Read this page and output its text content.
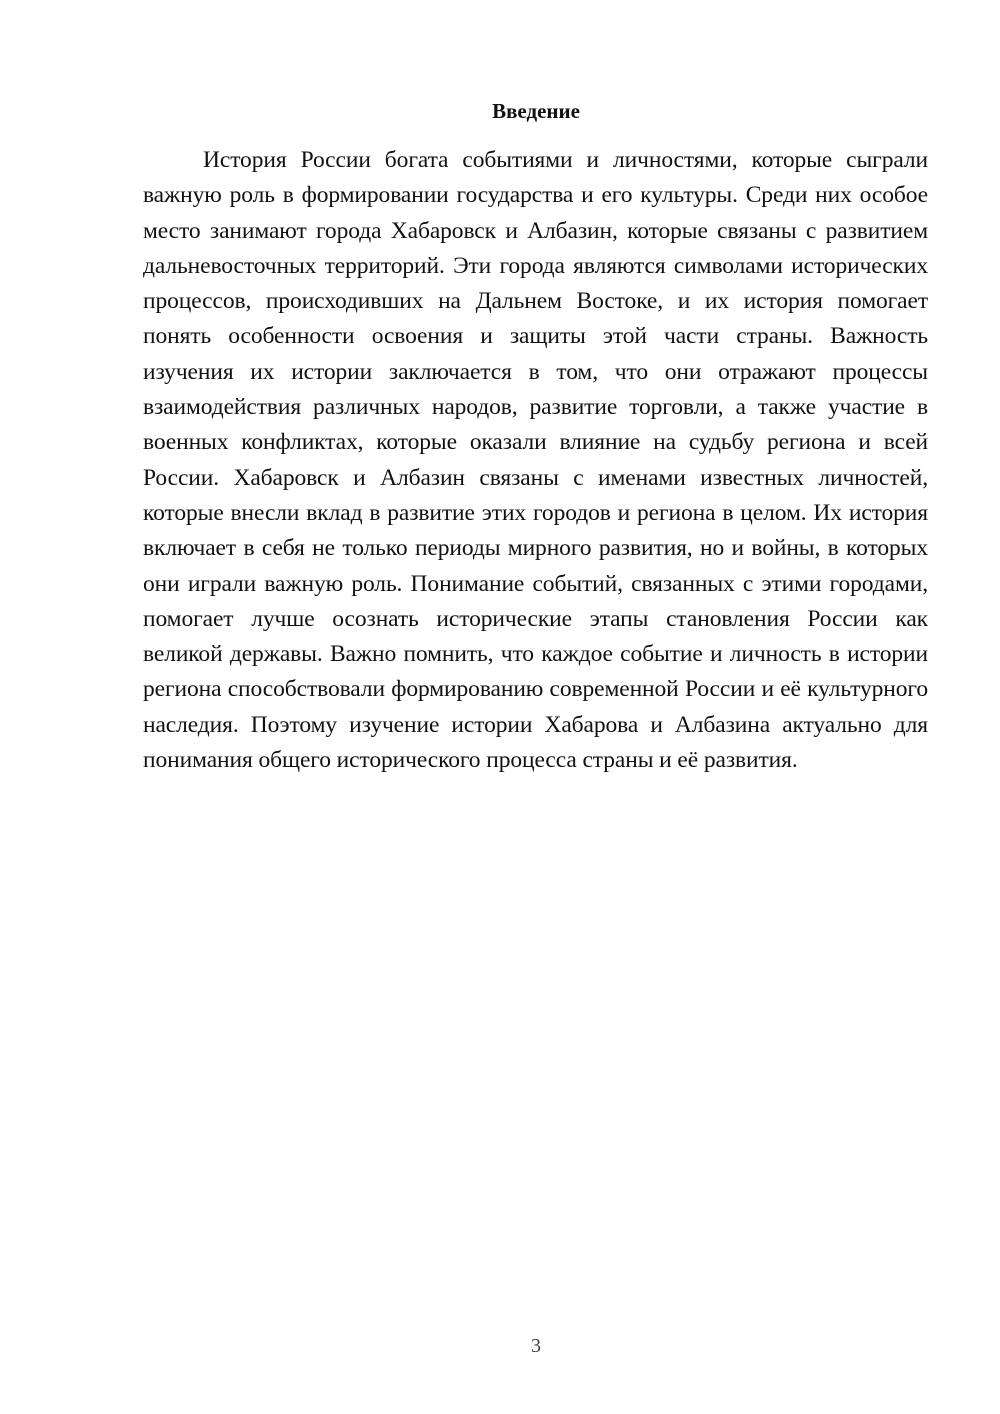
Введение

История России богата событиями и личностями, которые сыграли важную роль в формировании государства и его культуры. Среди них особое место занимают города Хабаровск и Албазин, которые связаны с развитием дальневосточных территорий. Эти города являются символами исторических процессов, происходивших на Дальнем Востоке, и их история помогает понять особенности освоения и защиты этой части страны. Важность изучения их истории заключается в том, что они отражают процессы взаимодействия различных народов, развитие торговли, а также участие в военных конфликтах, которые оказали влияние на судьбу региона и всей России. Хабаровск и Албазин связаны с именами известных личностей, которые внесли вклад в развитие этих городов и региона в целом. Их история включает в себя не только периоды мирного развития, но и войны, в которых они играли важную роль. Понимание событий, связанных с этими городами, помогает лучше осознать исторические этапы становления России как великой державы. Важно помнить, что каждое событие и личность в истории региона способствовали формированию современной России и её культурного наследия. Поэтому изучение истории Хабарова и Албазина актуально для понимания общего исторического процесса страны и её развития.

3
